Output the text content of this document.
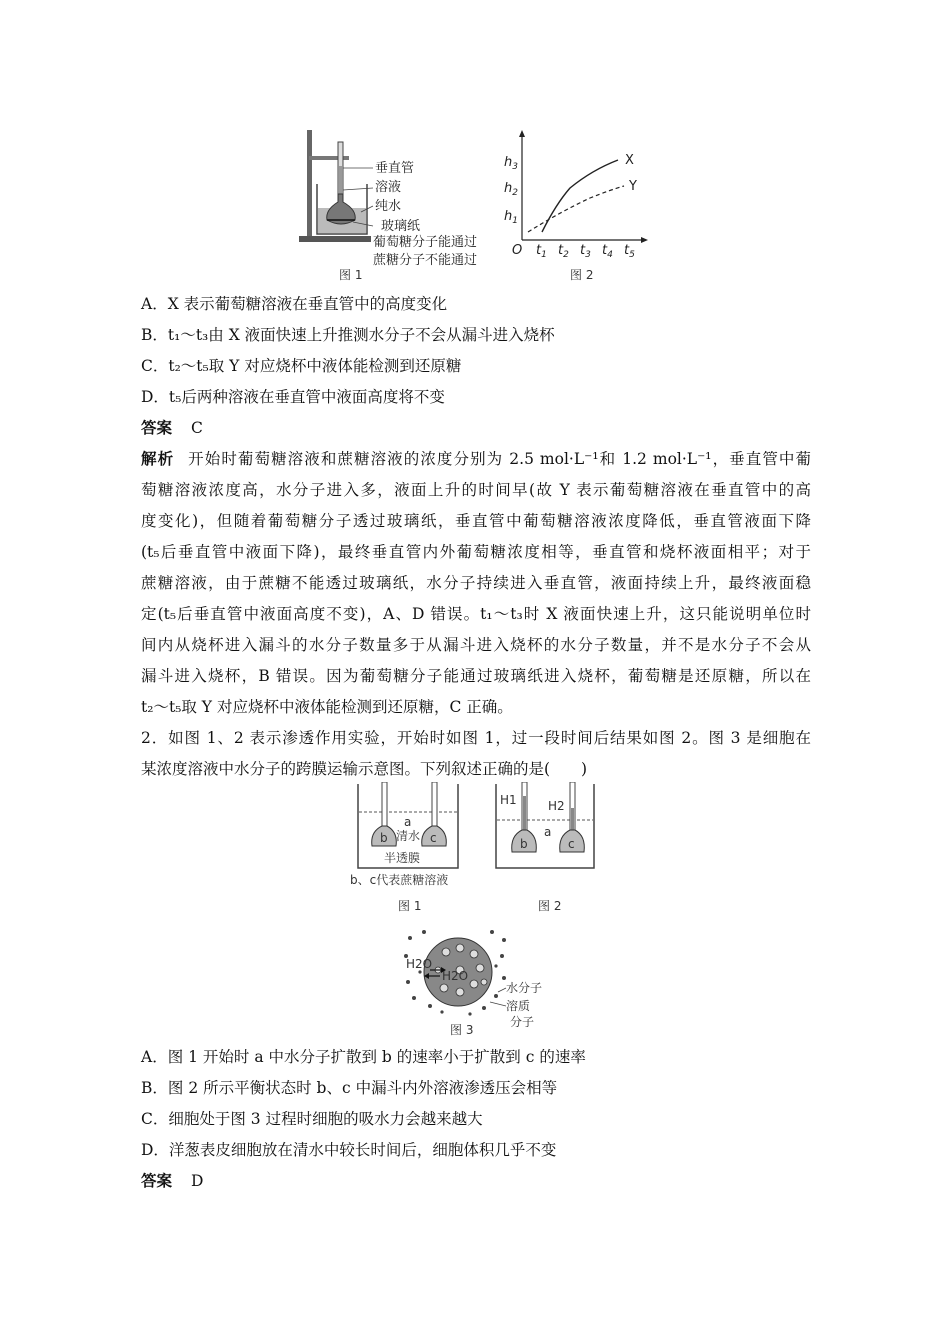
垂直管
溶液
纯水
玻璃纸
葡萄糖分子能通过
蔗糖分子不能通过
图 1
$h_3$
$h_2$
$h_1$
O $t_1$ $t_2$ $t_3$ $t_4$ $t_5$
X
Y
图 2
A．X 表示葡萄糖溶液在垂直管中的高度变化
B．t₁～t₃由 X 液面快速上升推测水分子不会从漏斗进入烧杯
C．t₂～t₅取 Y 对应烧杯中液体能检测到还原糖
D．t₅后两种溶液在垂直管中液面高度将不变
答案 C
解析 开始时葡萄糖溶液和蔗糖溶液的浓度分别为 2.5 mol·L⁻¹和 1.2 mol·L⁻¹，垂直管中葡
萄糖溶液浓度高，水分子进入多，液面上升的时间早(故 Y 表示葡萄糖溶液在垂直管中的高
度变化)，但随着葡萄糖分子透过玻璃纸，垂直管中葡萄糖溶液浓度降低，垂直管液面下降
(t₅后垂直管中液面下降)，最终垂直管内外葡萄糖浓度相等，垂直管和烧杯液面相平；对于
蔗糖溶液，由于蔗糖不能透过玻璃纸，水分子持续进入垂直管，液面持续上升，最终液面稳
定(t₅后垂直管中液面高度不变)，A、D 错误。t₁～t₃时 X 液面快速上升，这只能说明单位时
间内从烧杯进入漏斗的水分子数量多于从漏斗进入烧杯的水分子数量，并不是水分子不会从
漏斗进入烧杯，B 错误。因为葡萄糖分子能通过玻璃纸进入烧杯，葡萄糖是还原糖，所以在
t₂～t₅取 Y 对应烧杯中液体能检测到还原糖，C 正确。
2．如图 1、2 表示渗透作用实验，开始时如图 1，过一段时间后结果如图 2。图 3 是细胞在
某浓度溶液中水分子的跨膜运输示意图。下列叙述正确的是(　　)
b	c
a
清水
半透膜
b、c代表蔗糖溶液
图 1
b	c
H1	H2
a
图 2
H2O
H2O
水分子
溶质
分子
图 3
A．图 1 开始时 a 中水分子扩散到 b 的速率小于扩散到 c 的速率
B．图 2 所示平衡状态时 b、c 中漏斗内外溶液渗透压会相等
C．细胞处于图 3 过程时细胞的吸水力会越来越大
D．洋葱表皮细胞放在清水中较长时间后，细胞体积几乎不变
答案 D
